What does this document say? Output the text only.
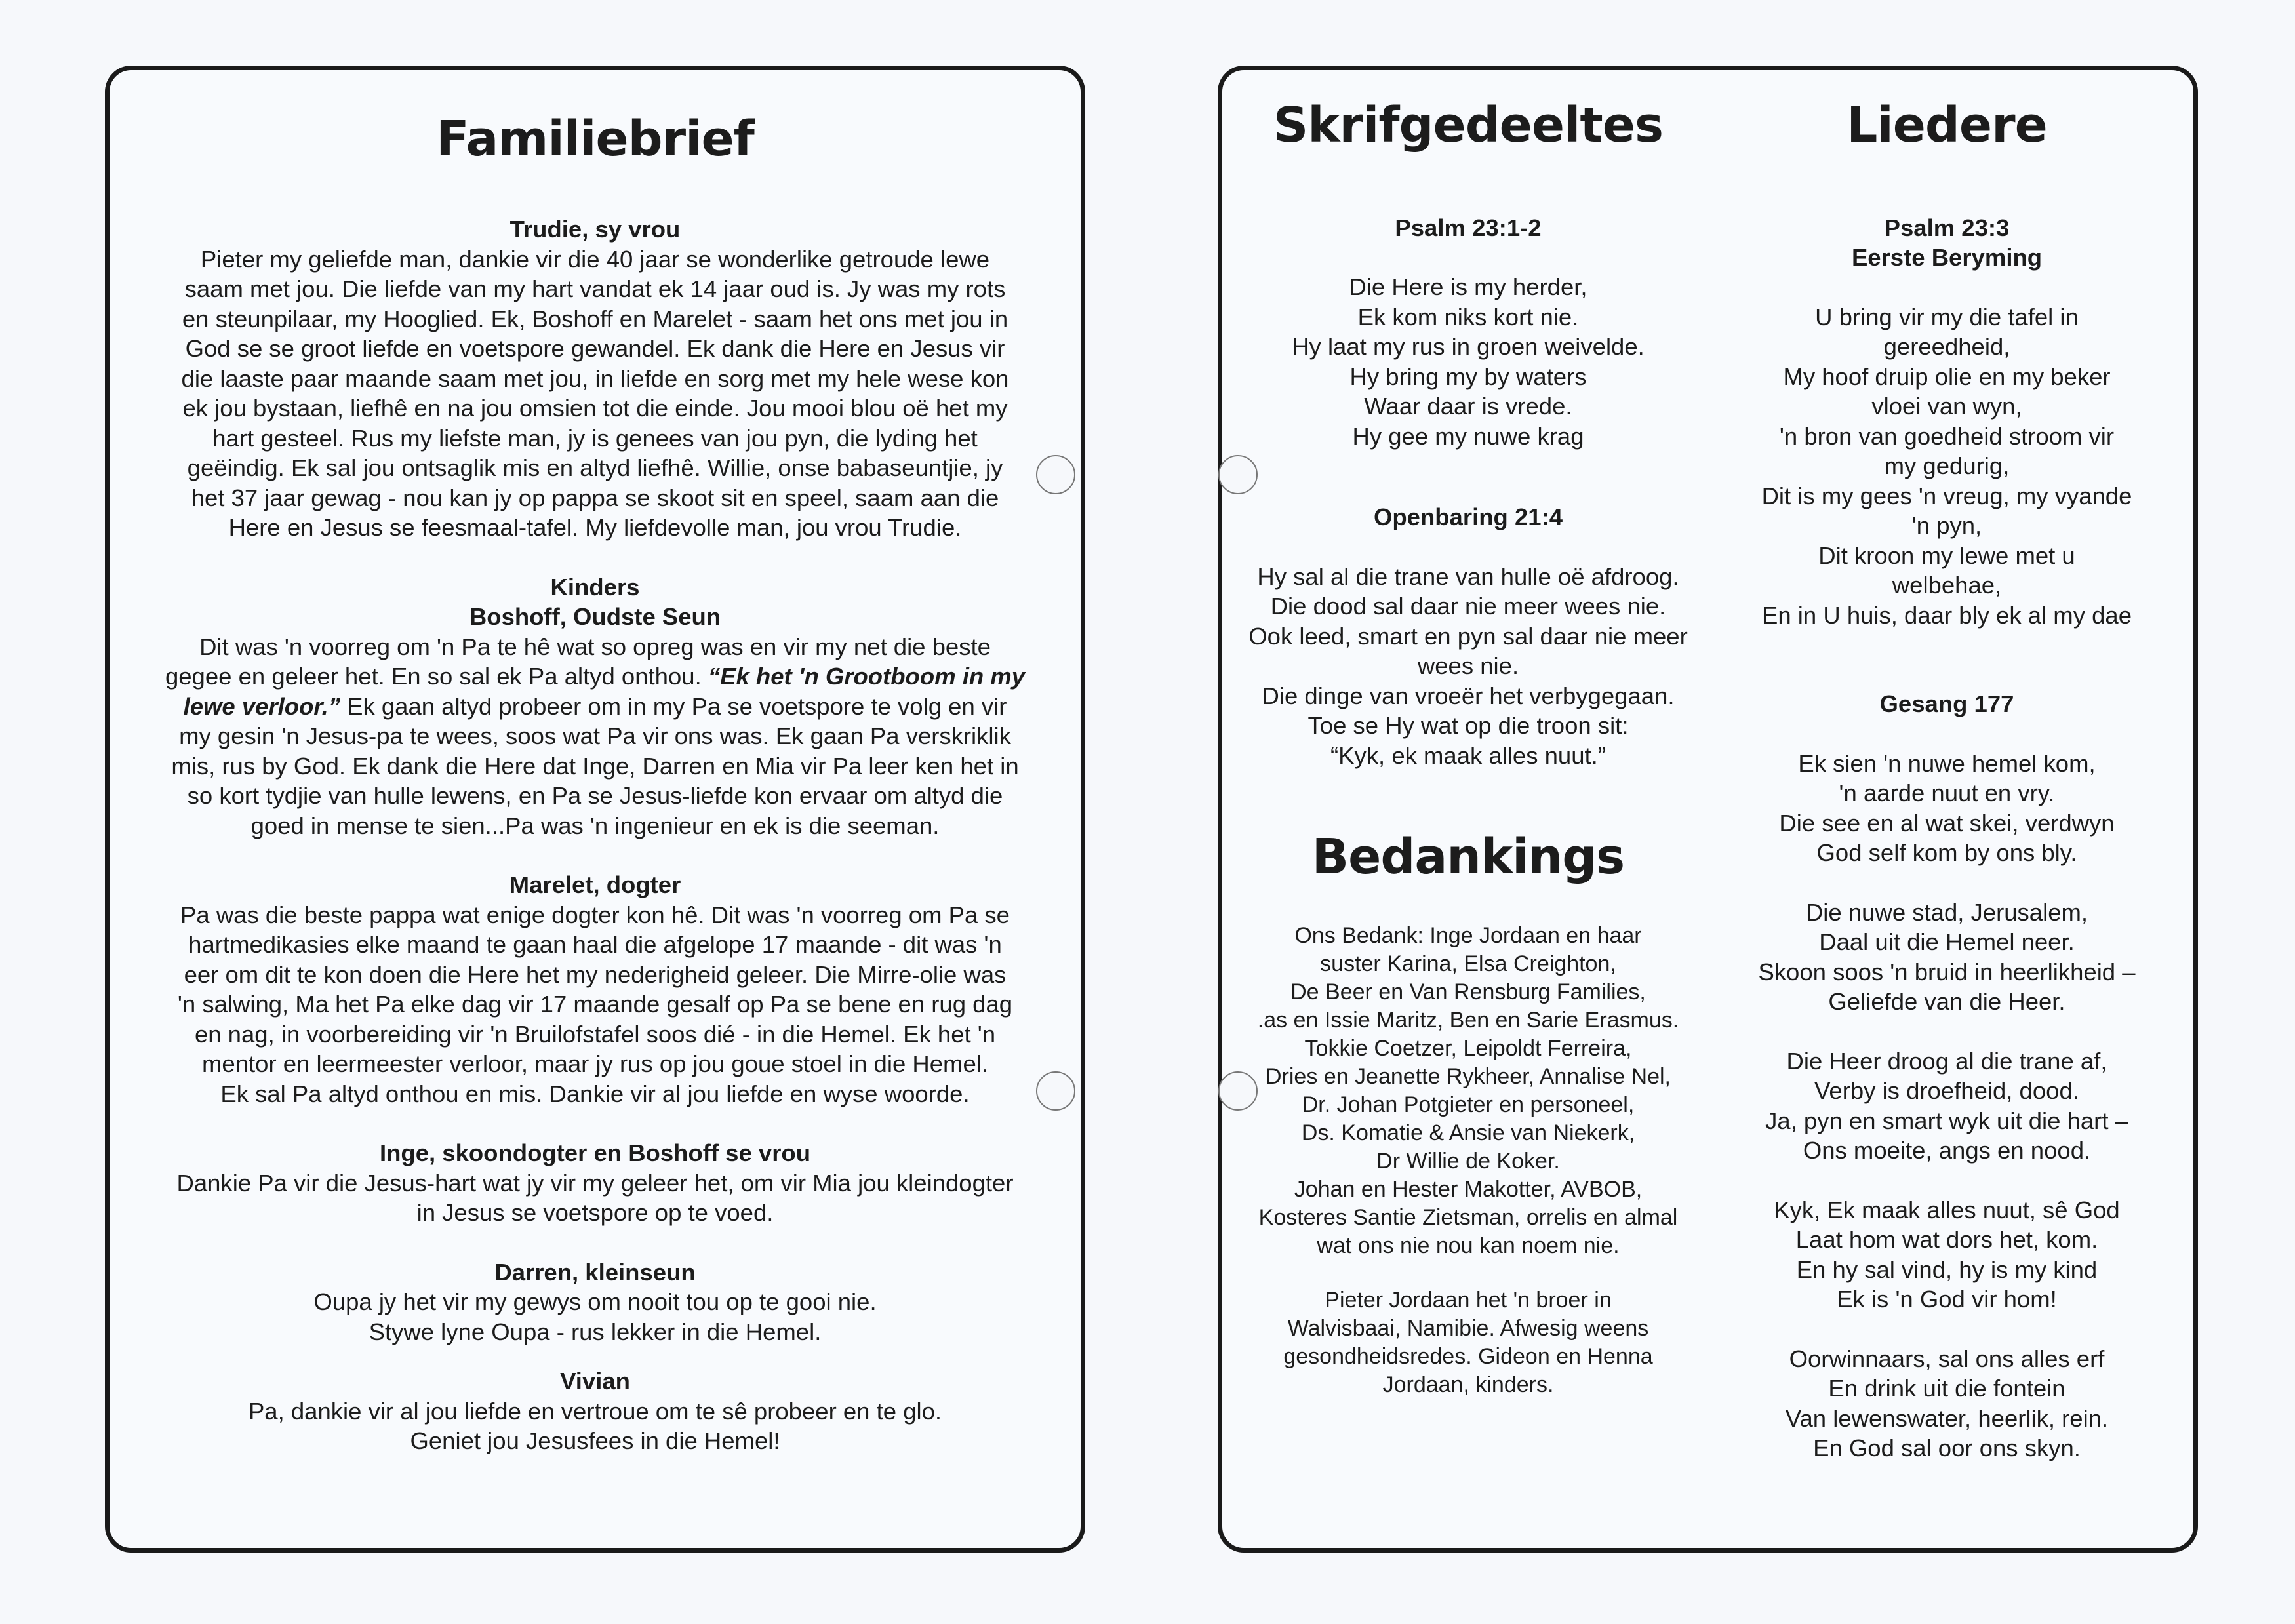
Familiebrief

Trudie, sy vrou

Pieter my geliefde man, dankie vir die 40 jaar se wonderlike getroude lewe

saam met jou. Die liefde van my hart vandat ek 14 jaar oud is. Jy was my rots

en steunpilaar, my Hooglied. Ek, Boshoff en Marelet - saam het ons met jou in

God se se groot liefde en voetspore gewandel. Ek dank die Here en Jesus vir

die laaste paar maande saam met jou, in liefde en sorg met my hele wese kon

ek jou bystaan, liefhê en na jou omsien tot die einde. Jou mooi blou oë het my

hart gesteel. Rus my liefste man, jy is genees van jou pyn, die lyding het

geëindig. Ek sal jou ontsaglik mis en altyd liefhê. Willie, onse babaseuntjie, jy

het 37 jaar gewag - nou kan jy op pappa se skoot sit en speel, saam aan die

Here en Jesus se feesmaal-tafel. My liefdevolle man, jou vrou Trudie.

Kinders

Boshoff, Oudste Seun

Dit was 'n voorreg om 'n Pa te hê wat so opreg was en vir my net die beste

gegee en geleer het. En so sal ek Pa altyd onthou. “Ek het 'n Grootboom in my

lewe verloor.” Ek gaan altyd probeer om in my Pa se voetspore te volg en vir

my gesin 'n Jesus-pa te wees, soos wat Pa vir ons was. Ek gaan Pa verskriklik

mis, rus by God. Ek dank die Here dat Inge, Darren en Mia vir Pa leer ken het in

so kort tydjie van hulle lewens, en Pa se Jesus-liefde kon ervaar om altyd die

goed in mense te sien...Pa was 'n ingenieur en ek is die seeman.

Marelet, dogter

Pa was die beste pappa wat enige dogter kon hê. Dit was 'n voorreg om Pa se

hartmedikasies elke maand te gaan haal die afgelope 17 maande - dit was 'n

eer om dit te kon doen die Here het my nederigheid geleer. Die Mirre-olie was

'n salwing, Ma het Pa elke dag vir 17 maande gesalf op Pa se bene en rug dag

en nag, in voorbereiding vir 'n Bruilofstafel soos dié - in die Hemel. Ek het 'n

mentor en leermeester verloor, maar jy rus op jou goue stoel in die Hemel.

Ek sal Pa altyd onthou en mis. Dankie vir al jou liefde en wyse woorde.

Inge, skoondogter en Boshoff se vrou

Dankie Pa vir die Jesus-hart wat jy vir my geleer het, om vir Mia jou kleindogter

in Jesus se voetspore op te voed.

Darren, kleinseun

Oupa jy het vir my gewys om nooit tou op te gooi nie.

Stywe lyne Oupa - rus lekker in die Hemel.

Vivian

Pa, dankie vir al jou liefde en vertroue om te sê probeer en te glo.

Geniet jou Jesusfees in die Hemel!

Skrifgedeeltes

Psalm 23:1-2

Die Here is my herder,

Ek kom niks kort nie.

Hy laat my rus in groen weivelde.

Hy bring my by waters

Waar daar is vrede.

Hy gee my nuwe krag

Openbaring 21:4

Hy sal al die trane van hulle oë afdroog.

Die dood sal daar nie meer wees nie.

Ook leed, smart en pyn sal daar nie meer

wees nie.

Die dinge van vroeër het verbygegaan.

Toe se Hy wat op die troon sit:

“Kyk, ek maak alles nuut.”

Bedankings

Ons Bedank: Inge Jordaan en haar

suster Karina, Elsa Creighton,

De Beer en Van Rensburg Families,

.as en Issie Maritz, Ben en Sarie Erasmus.

Tokkie Coetzer, Leipoldt Ferreira,

Dries en Jeanette Rykheer, Annalise Nel,

Dr. Johan Potgieter en personeel,

Ds. Komatie & Ansie van Niekerk,

Dr Willie de Koker.

Johan en Hester Makotter, AVBOB,

Kosteres Santie Zietsman, orrelis en almal

wat ons nie nou kan noem nie.

Pieter Jordaan het 'n broer in

Walvisbaai, Namibie. Afwesig weens

gesondheidsredes. Gideon en Henna

Jordaan, kinders.

Liedere

Psalm 23:3

Eerste Beryming

U bring vir my die tafel in

gereedheid,

My hoof druip olie en my beker

vloei van wyn,

'n bron van goedheid stroom vir

my gedurig,

Dit is my gees 'n vreug, my vyande

'n pyn,

Dit kroon my lewe met u

welbehae,

En in U huis, daar bly ek al my dae

Gesang 177

Ek sien 'n nuwe hemel kom,

'n aarde nuut en vry.

Die see en al wat skei, verdwyn

God self kom by ons bly.

Die nuwe stad, Jerusalem,

Daal uit die Hemel neer.

Skoon soos 'n bruid in heerlikheid –

Geliefde van die Heer.

Die Heer droog al die trane af,

Verby is droefheid, dood.

Ja, pyn en smart wyk uit die hart –

Ons moeite, angs en nood.

Kyk, Ek maak alles nuut, sê God

Laat hom wat dors het, kom.

En hy sal vind, hy is my kind

Ek is 'n God vir hom!

Oorwinnaars, sal ons alles erf

En drink uit die fontein

Van lewenswater, heerlik, rein.

En God sal oor ons skyn.
